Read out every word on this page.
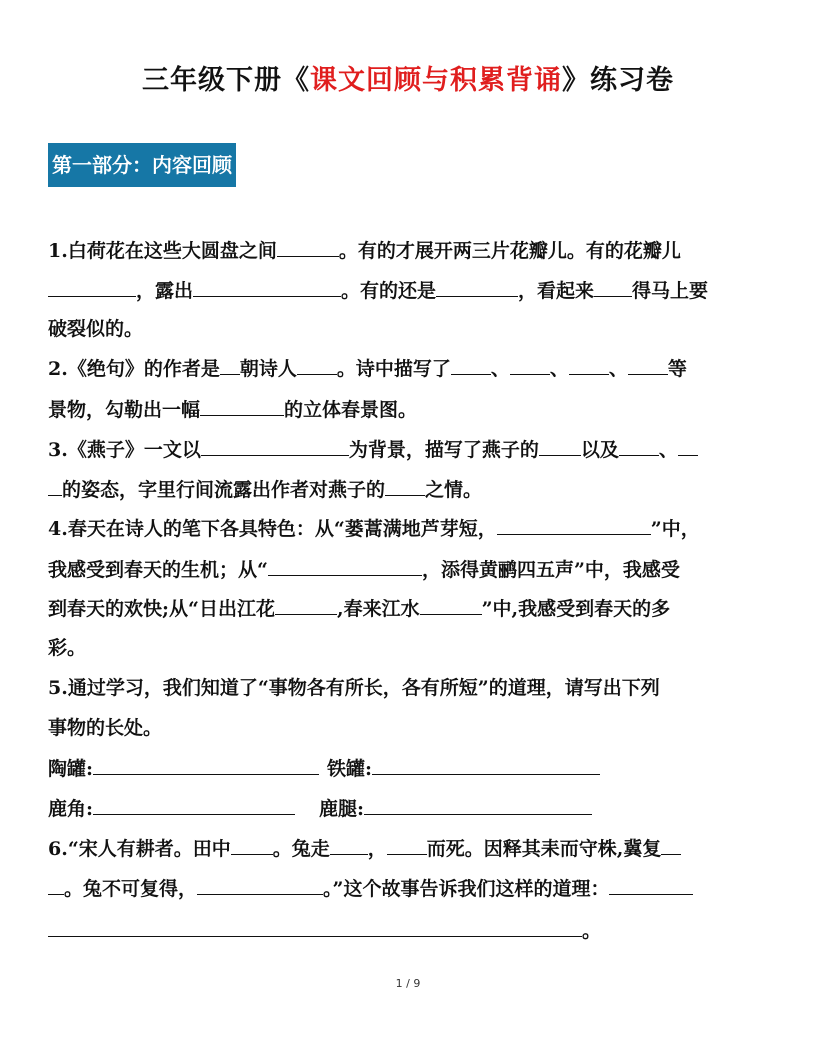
三年级下册《课文回顾与积累背诵》练习卷
第一部分：内容回顾
1.白荷花在这些大圆盘之间	。有的才展开两三片花瓣儿。有的花瓣儿
，露出	。有的还是	，看起来 得马上要
破裂似的。
2.《绝句》的作者是 朝诗人 。诗中描写了 、 、 、 等
景物，勾勒出一幅	的立体春景图。
3.《燕子》一文以	为背景，描写了燕子的 以及 、
的姿态，字里行间流露出作者对燕子的 之情。
4.春天在诗人的笔下各具特色：从“蒌蒿满地芦芽短，	”中，
我感受到春天的生机；从“	，添得黄鹂四五声”中，我感受
到春天的欢快;从“日出江花	,春来江水	”中,我感受到春天的多
彩。
5.通过学习，我们知道了“事物各有所长，各有所短”的道理，请写出下列
事物的长处。
陶罐:	铁罐:
鹿角:	鹿腿:
6.“宋人有耕者。田中 。兔走 ， 而死。因释其耒而守株,冀复
。兔不可复得，	。”这个故事告诉我们这样的道理：
。
1 / 9
